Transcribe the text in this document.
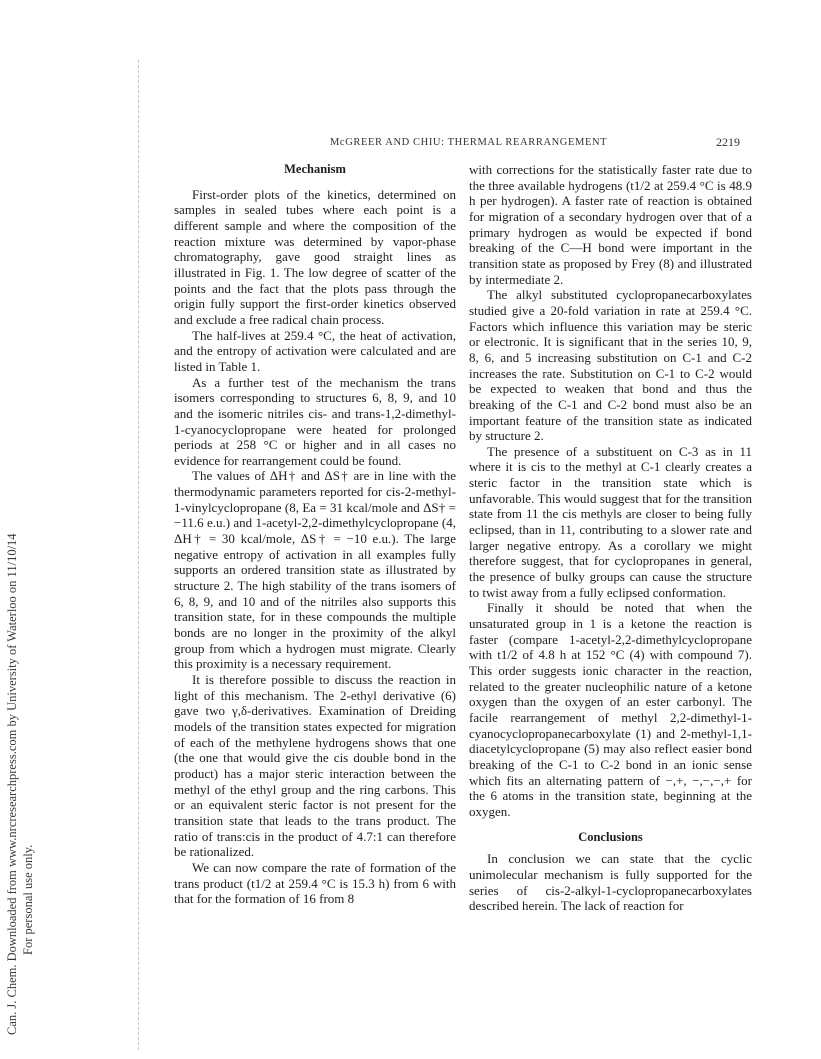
Can. J. Chem. Downloaded from www.nrcresearchpress.com by University of Waterloo on 11/10/14 For personal use only.
McGREER AND CHIU: THERMAL REARRANGEMENT	2219
Mechanism

First-order plots of the kinetics, determined on samples in sealed tubes where each point is a different sample and where the composition of the reaction mixture was determined by vapor-phase chromatography, gave good straight lines as illustrated in Fig. 1. The low degree of scatter of the points and the fact that the plots pass through the origin fully support the first-order kinetics observed and exclude a free radical chain process.

The half-lives at 259.4 °C, the heat of activation, and the entropy of activation were calculated and are listed in Table 1.

As a further test of the mechanism the trans isomers corresponding to structures 6, 8, 9, and 10 and the isomeric nitriles cis- and trans-1,2-dimethyl-1-cyanocyclopropane were heated for prolonged periods at 258 °C or higher and in all cases no evidence for rearrangement could be found.

The values of ΔH† and ΔS† are in line with the thermodynamic parameters reported for cis-2-methyl-1-vinylcyclopropane (8, Ea = 31 kcal/mole and ΔS† = −11.6 e.u.) and 1-acetyl-2,2-dimethylcyclopropane (4, ΔH† = 30 kcal/mole, ΔS† = −10 e.u.). The large negative entropy of activation in all examples fully supports an ordered transition state as illustrated by structure 2. The high stability of the trans isomers of 6, 8, 9, and 10 and of the nitriles also supports this transition state, for in these compounds the multiple bonds are no longer in the proximity of the alkyl group from which a hydrogen must migrate. Clearly this proximity is a necessary requirement.

It is therefore possible to discuss the reaction in light of this mechanism. The 2-ethyl derivative (6) gave two γ,δ-derivatives. Examination of Dreiding models of the transition states expected for migration of each of the methylene hydrogens shows that one (the one that would give the cis double bond in the product) has a major steric interaction between the methyl of the ethyl group and the ring carbons. This or an equivalent steric factor is not present for the transition state that leads to the trans product. The ratio of trans:cis in the product of 4.7:1 can therefore be rationalized.

We can now compare the rate of formation of the trans product (t1/2 at 259.4 °C is 15.3 h) from 6 with that for the formation of 16 from 8

with corrections for the statistically faster rate due to the three available hydrogens (t1/2 at 259.4 °C is 48.9 h per hydrogen). A faster rate of reaction is obtained for migration of a secondary hydrogen over that of a primary hydrogen as would be expected if bond breaking of the C—H bond were important in the transition state as proposed by Frey (8) and illustrated by intermediate 2.

The alkyl substituted cyclopropanecarboxylates studied give a 20-fold variation in rate at 259.4 °C. Factors which influence this variation may be steric or electronic. It is significant that in the series 10, 9, 8, 6, and 5 increasing substitution on C-1 and C-2 increases the rate. Substitution on C-1 to C-2 would be expected to weaken that bond and thus the breaking of the C-1 and C-2 bond must also be an important feature of the transition state as indicated by structure 2.

The presence of a substituent on C-3 as in 11 where it is cis to the methyl at C-1 clearly creates a steric factor in the transition state which is unfavorable. This would suggest that for the transition state from 11 the cis methyls are closer to being fully eclipsed, than in 11, contributing to a slower rate and larger negative entropy. As a corollary we might therefore suggest, that for cyclopropanes in general, the presence of bulky groups can cause the structure to twist away from a fully eclipsed conformation.

Finally it should be noted that when the unsaturated group in 1 is a ketone the reaction is faster (compare 1-acetyl-2,2-dimethylcyclopropane with t1/2 of 4.8 h at 152 °C (4) with compound 7). This order suggests ionic character in the reaction, related to the greater nucleophilic nature of a ketone oxygen than the oxygen of an ester carbonyl. The facile rearrangement of methyl 2,2-dimethyl-1-cyanocyclopropanecarboxylate (1) and 2-methyl-1,1-diacetylcyclopropane (5) may also reflect easier bond breaking of the C-1 to C-2 bond in an ionic sense which fits an alternating pattern of −,+, −,−,−,+ for the 6 atoms in the transition state, beginning at the oxygen.

Conclusions

In conclusion we can state that the cyclic unimolecular mechanism is fully supported for the series of cis-2-alkyl-1-cyclopropanecarboxylates described herein. The lack of reaction for
